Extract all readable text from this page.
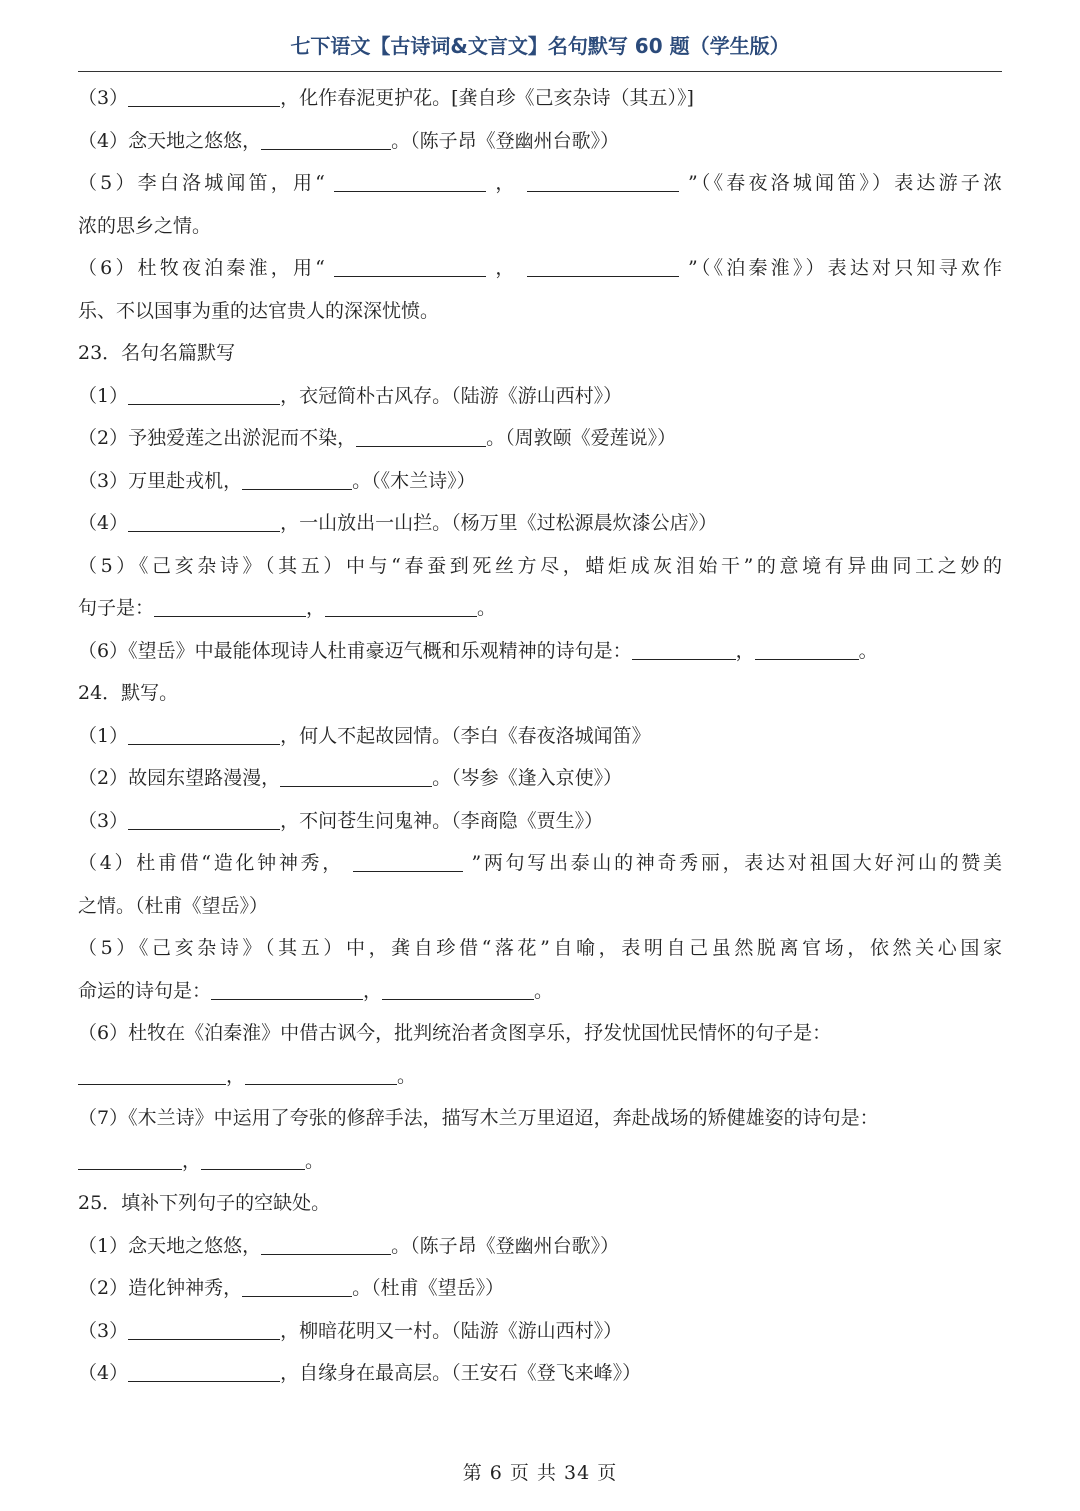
七下语文【古诗词&文言文】名句默写 60 题（学生版）
（3）	，化作春泥更护花。[龚自珍《己亥杂诗（其五）》]
（4）念天地之悠悠，	。（陈子昂《登幽州台歌》）
（5）李白洛城闻笛，用“	，	”（《春夜洛城闻笛》）表达游子浓
浓的思乡之情。
（6）杜牧夜泊秦淮，用“	，	”（《泊秦淮》）表达对只知寻欢作
乐、不以国事为重的达官贵人的深深忧愤。
23．名句名篇默写
（1）	，衣冠简朴古风存。（陆游《游山西村》）
（2）予独爱莲之出淤泥而不染，	。（周敦颐《爱莲说》）
（3）万里赴戎机，	。（《木兰诗》）
（4）	，一山放出一山拦。（杨万里《过松源晨炊漆公店》）
（5）《己亥杂诗》（其五）中与“春蚕到死丝方尽，蜡炬成灰泪始干”的意境有异曲同工之妙的
句子是：	，	。
（6）《望岳》中最能体现诗人杜甫豪迈气概和乐观精神的诗句是：	，	。
24．默写。
（1）	，何人不起故园情。（李白《春夜洛城闻笛》
（2）故园东望路漫漫，	。（岑参《逢入京使》）
（3）	，不问苍生问鬼神。（李商隐《贾生》）
（4）杜甫借“造化钟神秀，	”两句写出泰山的神奇秀丽，表达对祖国大好河山的赞美
之情。（杜甫《望岳》）
（5）《己亥杂诗》（其五）中，龚自珍借“落花”自喻，表明自己虽然脱离官场，依然关心国家
命运的诗句是：	，	。
（6）杜牧在《泊秦淮》中借古讽今，批判统治者贪图享乐，抒发忧国忧民情怀的句子是：
，	。
（7）《木兰诗》中运用了夸张的修辞手法，描写木兰万里迢迢，奔赴战场的矫健雄姿的诗句是：
，	。
25．填补下列句子的空缺处。
（1）念天地之悠悠，	。（陈子昂《登幽州台歌》）
（2）造化钟神秀，	。（杜甫《望岳》）
（3）	，柳暗花明又一村。（陆游《游山西村》）
（4）	，自缘身在最高层。（王安石《登飞来峰》）
第 6 页 共 34 页
